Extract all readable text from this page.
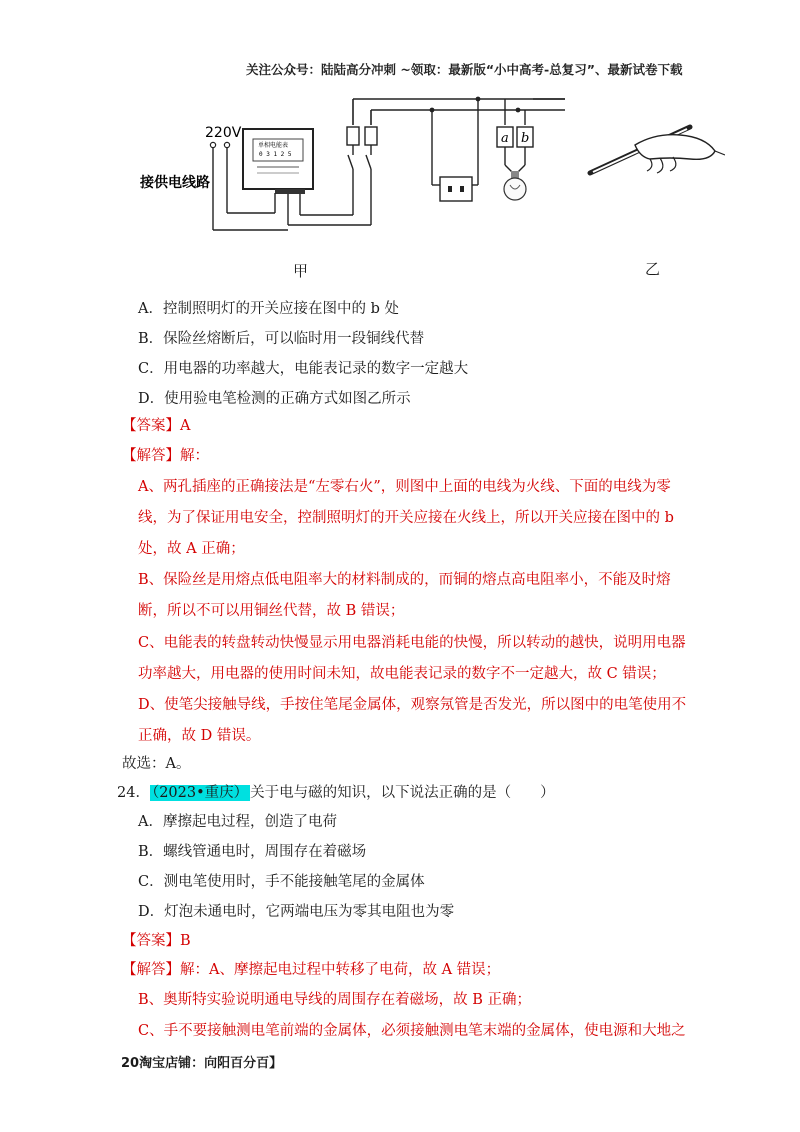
关注公众号：陆陆高分冲刺 ~领取：最新版“小中高考-总复习”、最新试卷下载
单相电能表
0 3 1 2 5
220V
接供电线路
a b
甲	乙
A．控制照明灯的开关应接在图中的 b 处
B．保险丝熔断后，可以临时用一段铜线代替
C．用电器的功率越大，电能表记录的数字一定越大
D．使用验电笔检测的正确方式如图乙所示
【答案】A
【解答】解：
A、两孔插座的正确接法是“左零右火”，则图中上面的电线为火线、下面的电线为零
线，为了保证用电安全，控制照明灯的开关应接在火线上，所以开关应接在图中的 b
处，故 A 正确；
B、保险丝是用熔点低电阻率大的材料制成的，而铜的熔点高电阻率小，不能及时熔
断，所以不可以用铜丝代替，故 B 错误；
C、电能表的转盘转动快慢显示用电器消耗电能的快慢，所以转动的越快，说明用电器
功率越大，用电器的使用时间未知，故电能表记录的数字不一定越大，故 C 错误；
D、使笔尖接触导线，手按住笔尾金属体，观察氖管是否发光，所以图中的电笔使用不
正确，故 D 错误。
故选：A。
24． （2023•重庆） 关于电与磁的知识，以下说法正确的是（　　）
A．摩擦起电过程，创造了电荷
B．螺线管通电时，周围存在着磁场
C．测电笔使用时，手不能接触笔尾的金属体
D．灯泡未通电时，它两端电压为零其电阻也为零
【答案】B
【解答】解：A、摩擦起电过程中转移了电荷，故 A 错误；
B、奥斯特实验说明通电导线的周围存在着磁场，故 B 正确；
C、手不要接触测电笔前端的金属体，必须接触测电笔末端的金属体，使电源和大地之
20淘宝店铺：向阳百分百】
